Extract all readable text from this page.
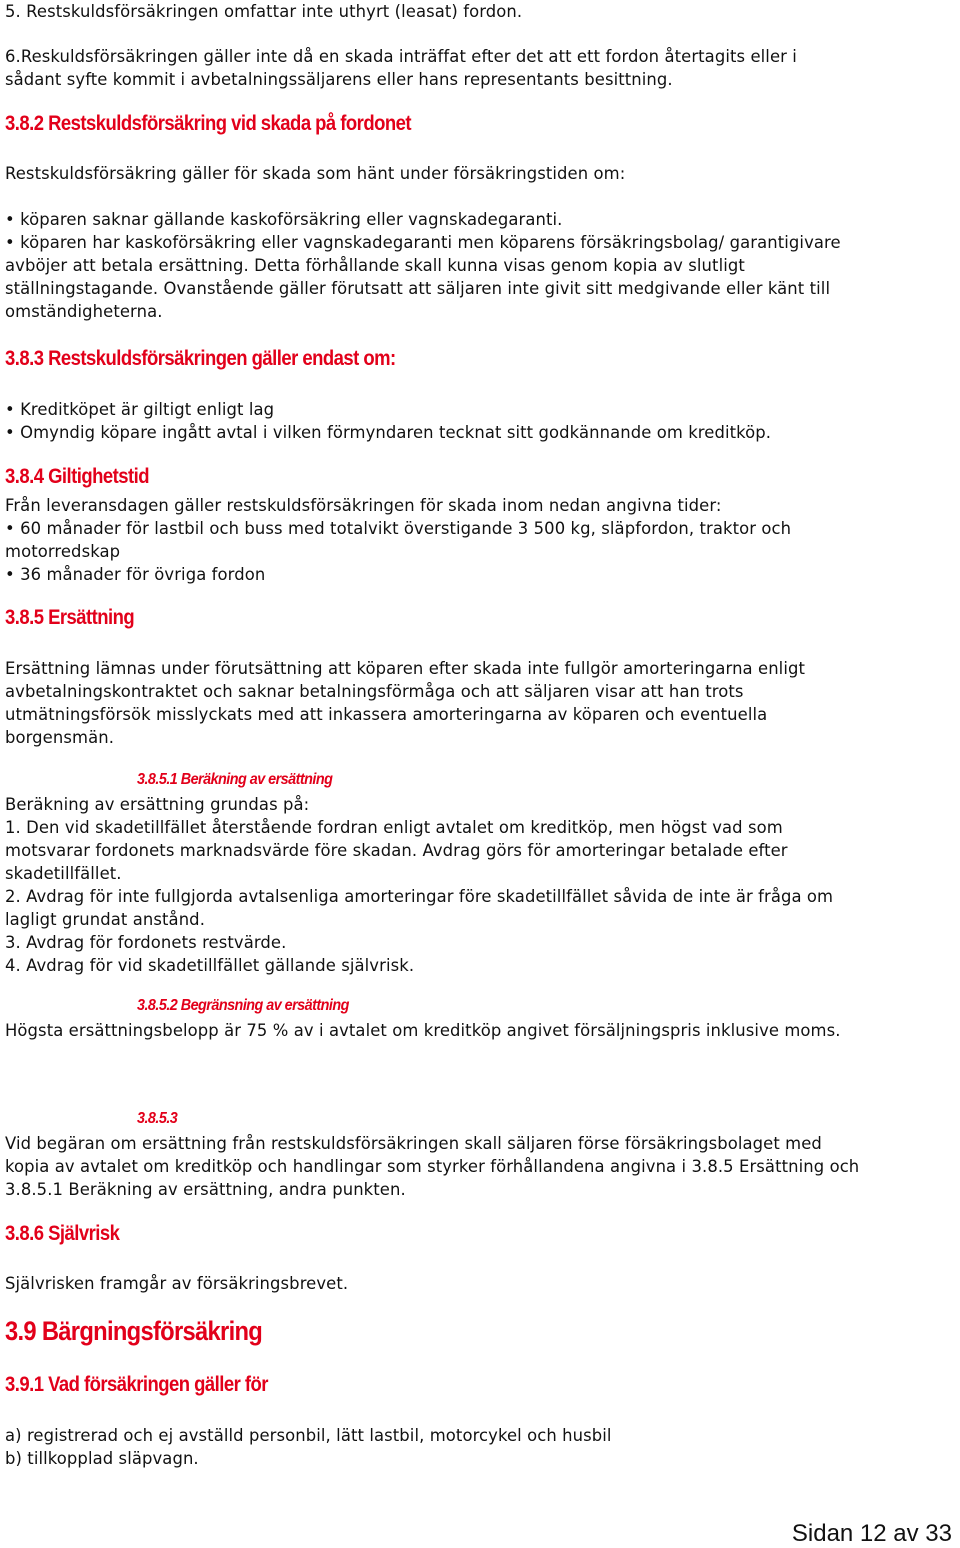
5. Restskuldsförsäkringen omfattar inte uthyrt (leasat) fordon.

6.Reskuldsförsäkringen gäller inte då en skada inträffat efter det att ett fordon återtagits eller i

sådant syfte kommit i avbetalningssäljarens eller hans representants besittning.

3.8.2 Restskuldsförsäkring vid skada på fordonet

Restskuldsförsäkring gäller för skada som hänt under försäkringstiden om:

• köparen saknar gällande kaskoförsäkring eller vagnskadegaranti.

• köparen har kaskoförsäkring eller vagnskadegaranti men köparens försäkringsbolag/ garantigivare

avböjer att betala ersättning. Detta förhållande skall kunna visas genom kopia av slutligt

ställningstagande. Ovanstående gäller förutsatt att säljaren inte givit sitt medgivande eller känt till

omständigheterna.

3.8.3 Restskuldsförsäkringen gäller endast om:

• Kreditköpet är giltigt enligt lag

• Omyndig köpare ingått avtal i vilken förmyndaren tecknat sitt godkännande om kreditköp.

3.8.4 Giltighetstid

Från leveransdagen gäller restskuldsförsäkringen för skada inom nedan angivna tider:

• 60 månader för lastbil och buss med totalvikt överstigande 3 500 kg, släpfordon, traktor och

motorredskap

• 36 månader för övriga fordon

3.8.5 Ersättning

Ersättning lämnas under förutsättning att köparen efter skada inte fullgör amorteringarna enligt

avbetalningskontraktet och saknar betalningsförmåga och att säljaren visar att han trots

utmätningsförsök misslyckats med att inkassera amorteringarna av köparen och eventuella

borgensmän.

3.8.5.1 Beräkning av ersättning

Beräkning av ersättning grundas på:

1. Den vid skadetillfället återstående fordran enligt avtalet om kreditköp, men högst vad som

motsvarar fordonets marknadsvärde före skadan. Avdrag görs för amorteringar betalade efter

skadetillfället.

2. Avdrag för inte fullgjorda avtalsenliga amorteringar före skadetillfället såvida de inte är fråga om

lagligt grundat anstånd.

3. Avdrag för fordonets restvärde.

4. Avdrag för vid skadetillfället gällande självrisk.

3.8.5.2 Begränsning av ersättning

Högsta ersättningsbelopp är 75 % av i avtalet om kreditköp angivet försäljningspris inklusive moms.

3.8.5.3

Vid begäran om ersättning från restskuldsförsäkringen skall säljaren förse försäkringsbolaget med

kopia av avtalet om kreditköp och handlingar som styrker förhållandena angivna i 3.8.5 Ersättning och

3.8.5.1 Beräkning av ersättning, andra punkten.

3.8.6 Självrisk

Självrisken framgår av försäkringsbrevet.

3.9 Bärgningsförsäkring
3.9.1 Vad försäkringen gäller för

a) registrerad och ej avställd personbil, lätt lastbil, motorcykel och husbil

b) tillkopplad släpvagn.

Sidan 12 av 33
